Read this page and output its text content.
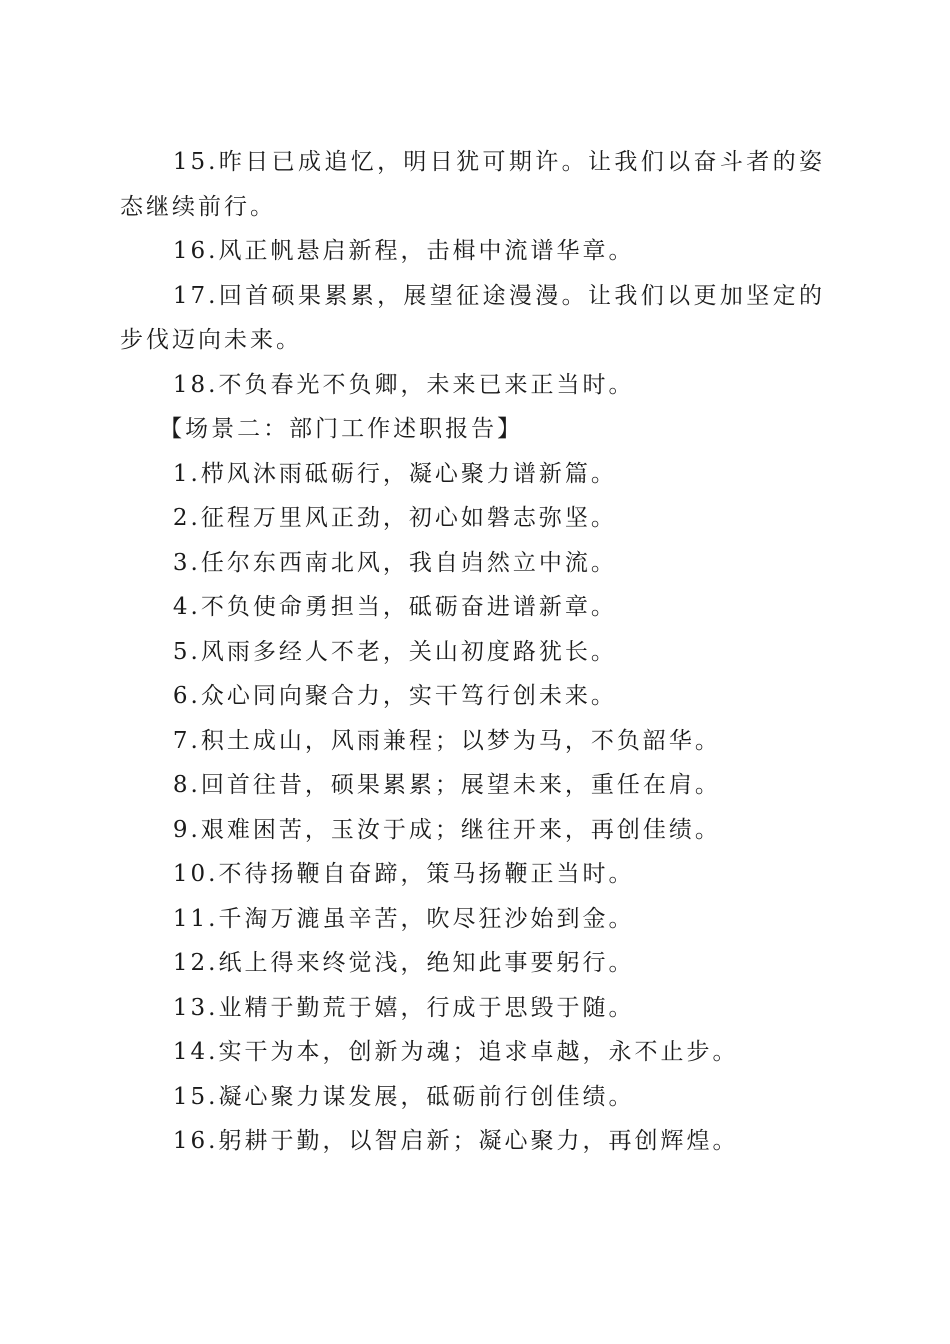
15.昨日已成追忆，明日犹可期许。让我们以奋斗者的姿态继续前行。

16.风正帆悬启新程，击楫中流谱华章。

17.回首硕果累累，展望征途漫漫。让我们以更加坚定的步伐迈向未来。

18.不负春光不负卿，未来已来正当时。

【场景二：部门工作述职报告】

1.栉风沐雨砥砺行，凝心聚力谱新篇。

2.征程万里风正劲，初心如磐志弥坚。

3.任尔东西南北风，我自岿然立中流。

4.不负使命勇担当，砥砺奋进谱新章。

5.风雨多经人不老，关山初度路犹长。

6.众心同向聚合力，实干笃行创未来。

7.积土成山，风雨兼程；以梦为马，不负韶华。

8.回首往昔，硕果累累；展望未来，重任在肩。

9.艰难困苦，玉汝于成；继往开来，再创佳绩。

10.不待扬鞭自奋蹄，策马扬鞭正当时。

11.千淘万漉虽辛苦，吹尽狂沙始到金。

12.纸上得来终觉浅，绝知此事要躬行。

13.业精于勤荒于嬉，行成于思毁于随。

14.实干为本，创新为魂；追求卓越，永不止步。

15.凝心聚力谋发展，砥砺前行创佳绩。

16.躬耕于勤，以智启新；凝心聚力，再创辉煌。
